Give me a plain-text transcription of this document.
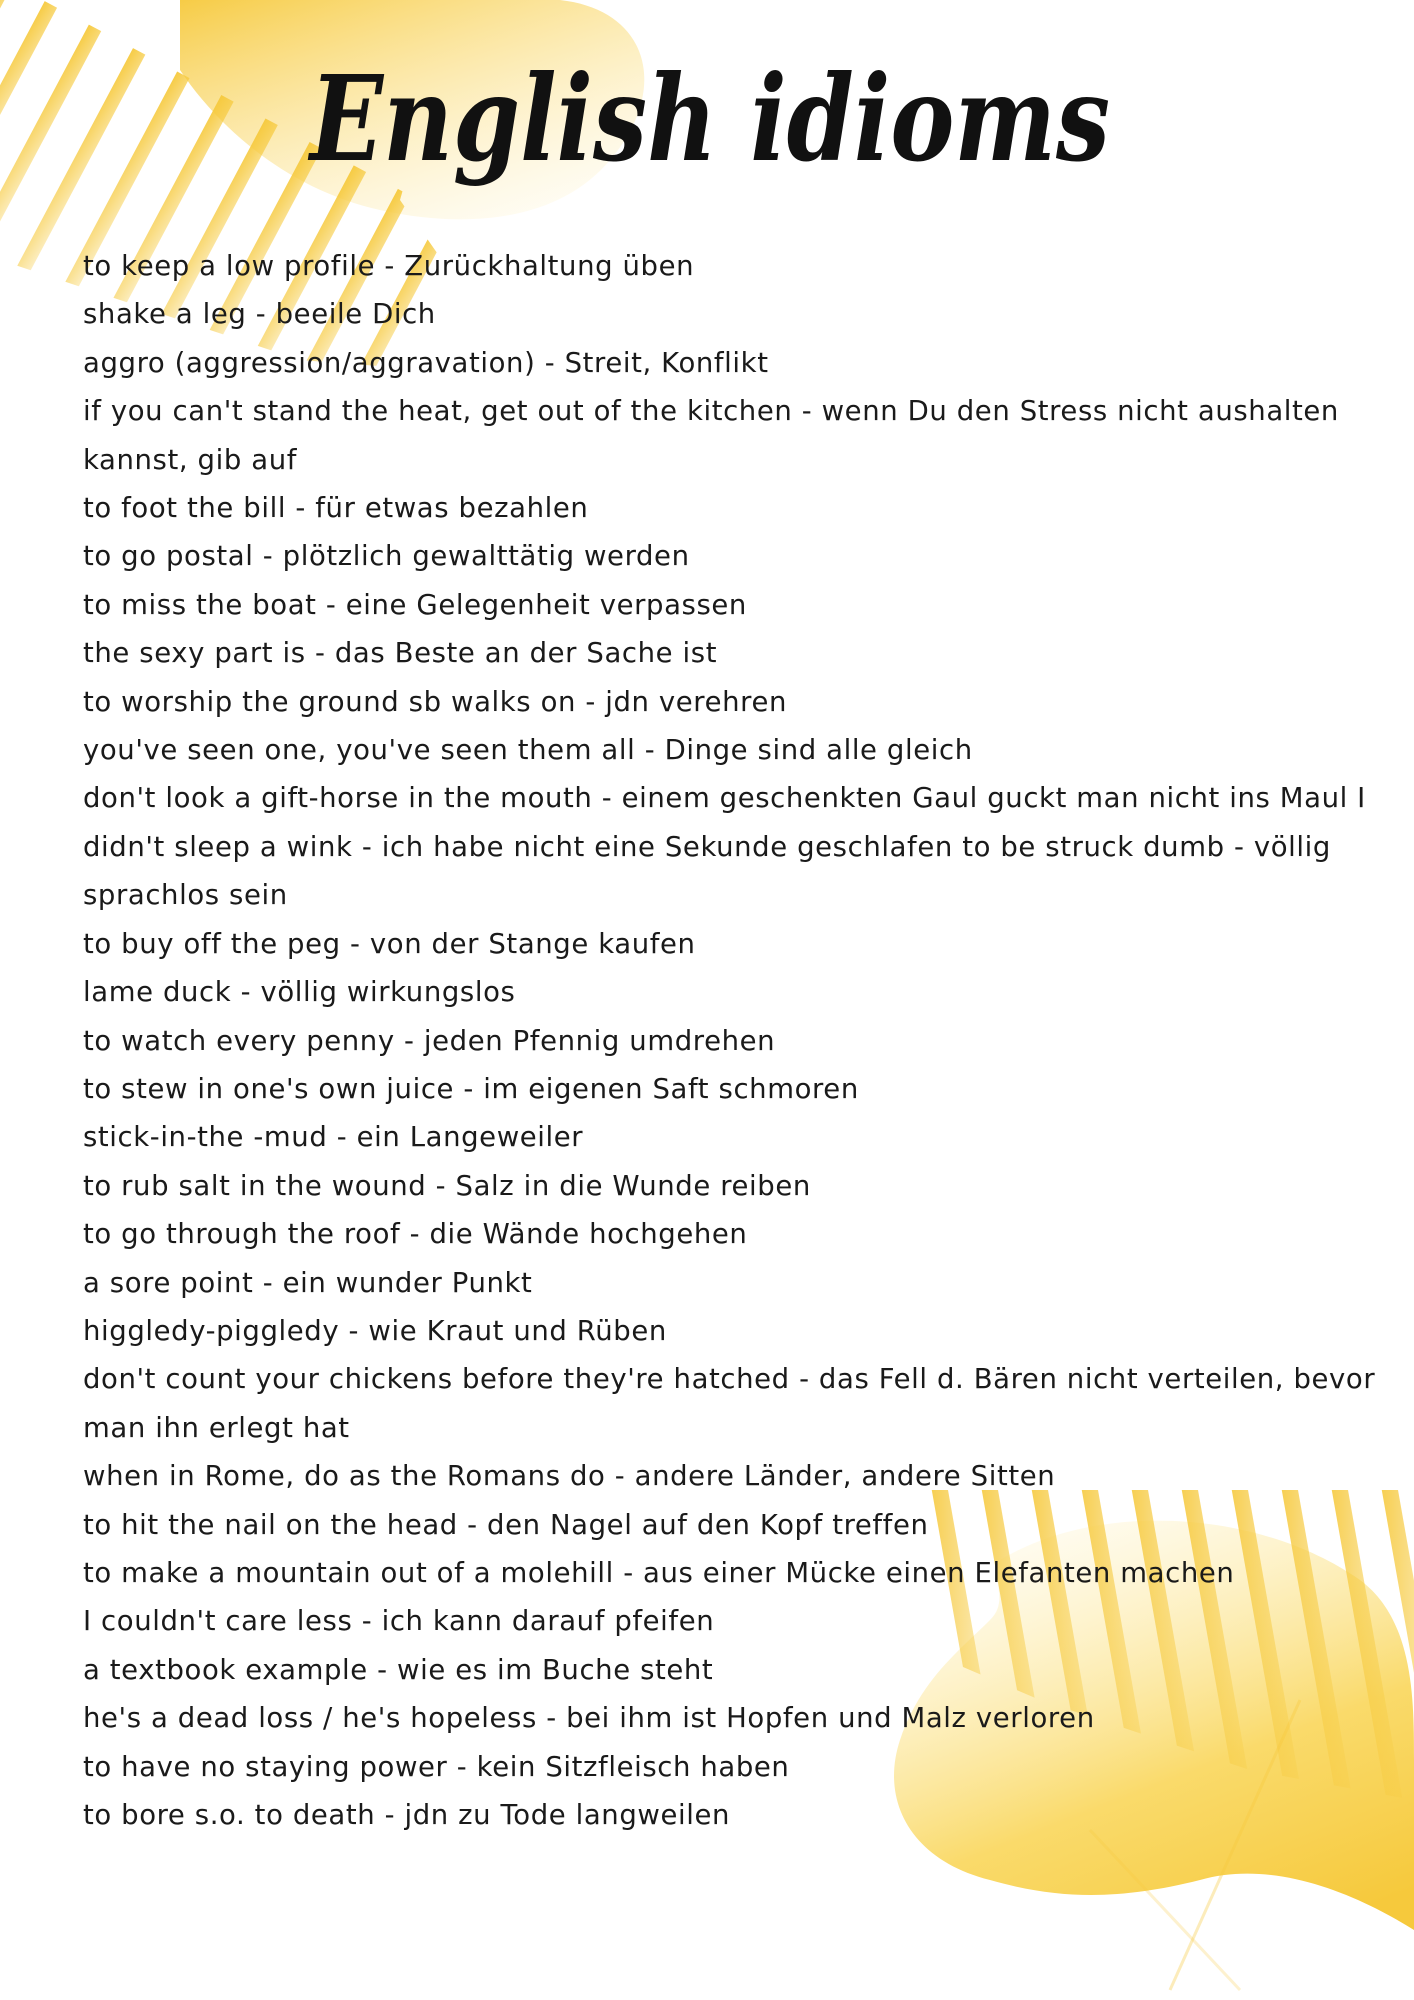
English idioms
to keep a low profile - Zurückhaltung üben
shake a leg - beeile Dich
aggro (aggression/aggravation) - Streit, Konflikt
if you can't stand the heat, get out of the kitchen - wenn Du den Stress nicht aushalten
kannst, gib auf
to foot the bill - für etwas bezahlen
to go postal - plötzlich gewalttätig werden
to miss the boat - eine Gelegenheit verpassen
the sexy part is - das Beste an der Sache ist
to worship the ground sb walks on - jdn verehren
you've seen one, you've seen them all - Dinge sind alle gleich
don't look a gift-horse in the mouth - einem geschenkten Gaul guckt man nicht ins Maul I
didn't sleep a wink - ich habe nicht eine Sekunde geschlafen to be struck dumb - völlig
sprachlos sein
to buy off the peg - von der Stange kaufen
lame duck - völlig wirkungslos
to watch every penny - jeden Pfennig umdrehen
to stew in one's own juice - im eigenen Saft schmoren
stick-in-the -mud - ein Langeweiler
to rub salt in the wound - Salz in die Wunde reiben
to go through the roof - die Wände hochgehen
a sore point - ein wunder Punkt
higgledy-piggledy - wie Kraut und Rüben
don't count your chickens before they're hatched - das Fell d. Bären nicht verteilen, bevor
man ihn erlegt hat
when in Rome, do as the Romans do - andere Länder, andere Sitten
to hit the nail on the head - den Nagel auf den Kopf treffen
to make a mountain out of a molehill - aus einer Mücke einen Elefanten machen
I couldn't care less - ich kann darauf pfeifen
a textbook example - wie es im Buche steht
he's a dead loss / he's hopeless - bei ihm ist Hopfen und Malz verloren
to have no staying power - kein Sitzfleisch haben
to bore s.o. to death - jdn zu Tode langweilen
